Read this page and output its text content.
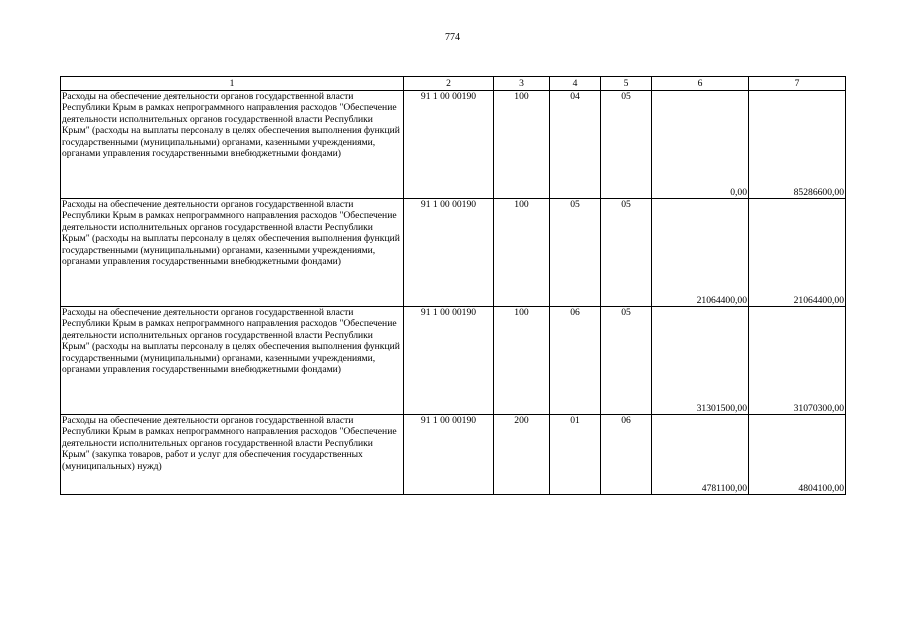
774
1	2	3	4	5	6	7
Расходы на обеспечение деятельности органов государственной власти Республики Крым в рамках непрограммного направления расходов "Обеспечение деятельности исполнительных органов государственной власти Республики Крым" (расходы на выплаты персоналу в целях обеспечения выполнения функций государственными (муниципальными) органами, казенными учреждениями, органами управления государственными внебюджетными фондами)	91 1 00 00190	100	04	05	0,00	85286600,00
Расходы на обеспечение деятельности органов государственной власти Республики Крым в рамках непрограммного направления расходов "Обеспечение деятельности исполнительных органов государственной власти Республики Крым" (расходы на выплаты персоналу в целях обеспечения выполнения функций государственными (муниципальными) органами, казенными учреждениями, органами управления государственными внебюджетными фондами)	91 1 00 00190	100	05	05	21064400,00	21064400,00
Расходы на обеспечение деятельности органов государственной власти Республики Крым в рамках непрограммного направления расходов "Обеспечение деятельности исполнительных органов государственной власти Республики Крым" (расходы на выплаты персоналу в целях обеспечения выполнения функций государственными (муниципальными) органами, казенными учреждениями, органами управления государственными внебюджетными фондами)	91 1 00 00190	100	06	05	31301500,00	31070300,00
Расходы на обеспечение деятельности органов государственной власти Республики Крым в рамках непрограммного направления расходов "Обеспечение деятельности исполнительных органов государственной власти Республики Крым" (закупка товаров, работ и услуг для обеспечения государственных (муниципальных) нужд)	91 1 00 00190	200	01	06	4781100,00	4804100,00
